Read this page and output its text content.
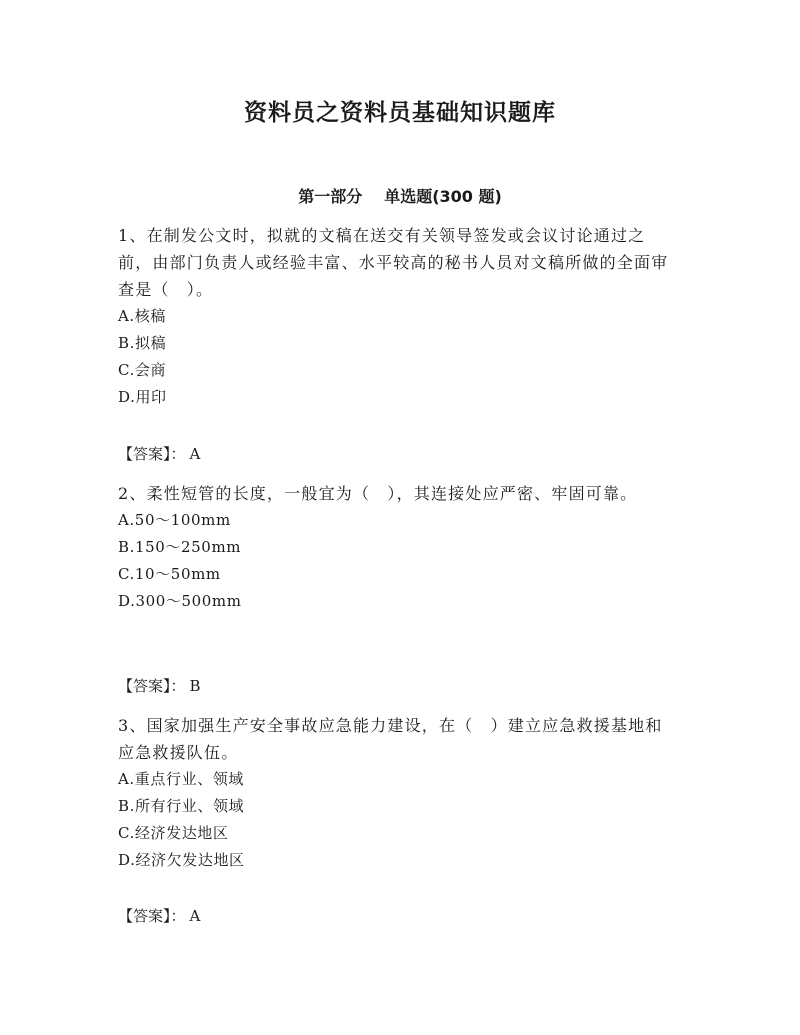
资料员之资料员基础知识题库
第一部分 单选题(300 题)

1、在制发公文时，拟就的文稿在送交有关领导签发或会议讨论通过之前，由部门负责人或经验丰富、水平较高的秘书人员对文稿所做的全面审查是（　）。

A.核稿
B.拟稿
C.会商
D.用印
【答案】： A

2、柔性短管的长度，一般宜为（　），其连接处应严密、牢固可靠。

A.50～100mm
B.150～250mm
C.10～50mm
D.300～500mm
【答案】： B

3、国家加强生产安全事故应急能力建设，在（　）建立应急救援基地和应急救援队伍。

A.重点行业、领域
B.所有行业、领域
C.经济发达地区
D.经济欠发达地区
【答案】： A
